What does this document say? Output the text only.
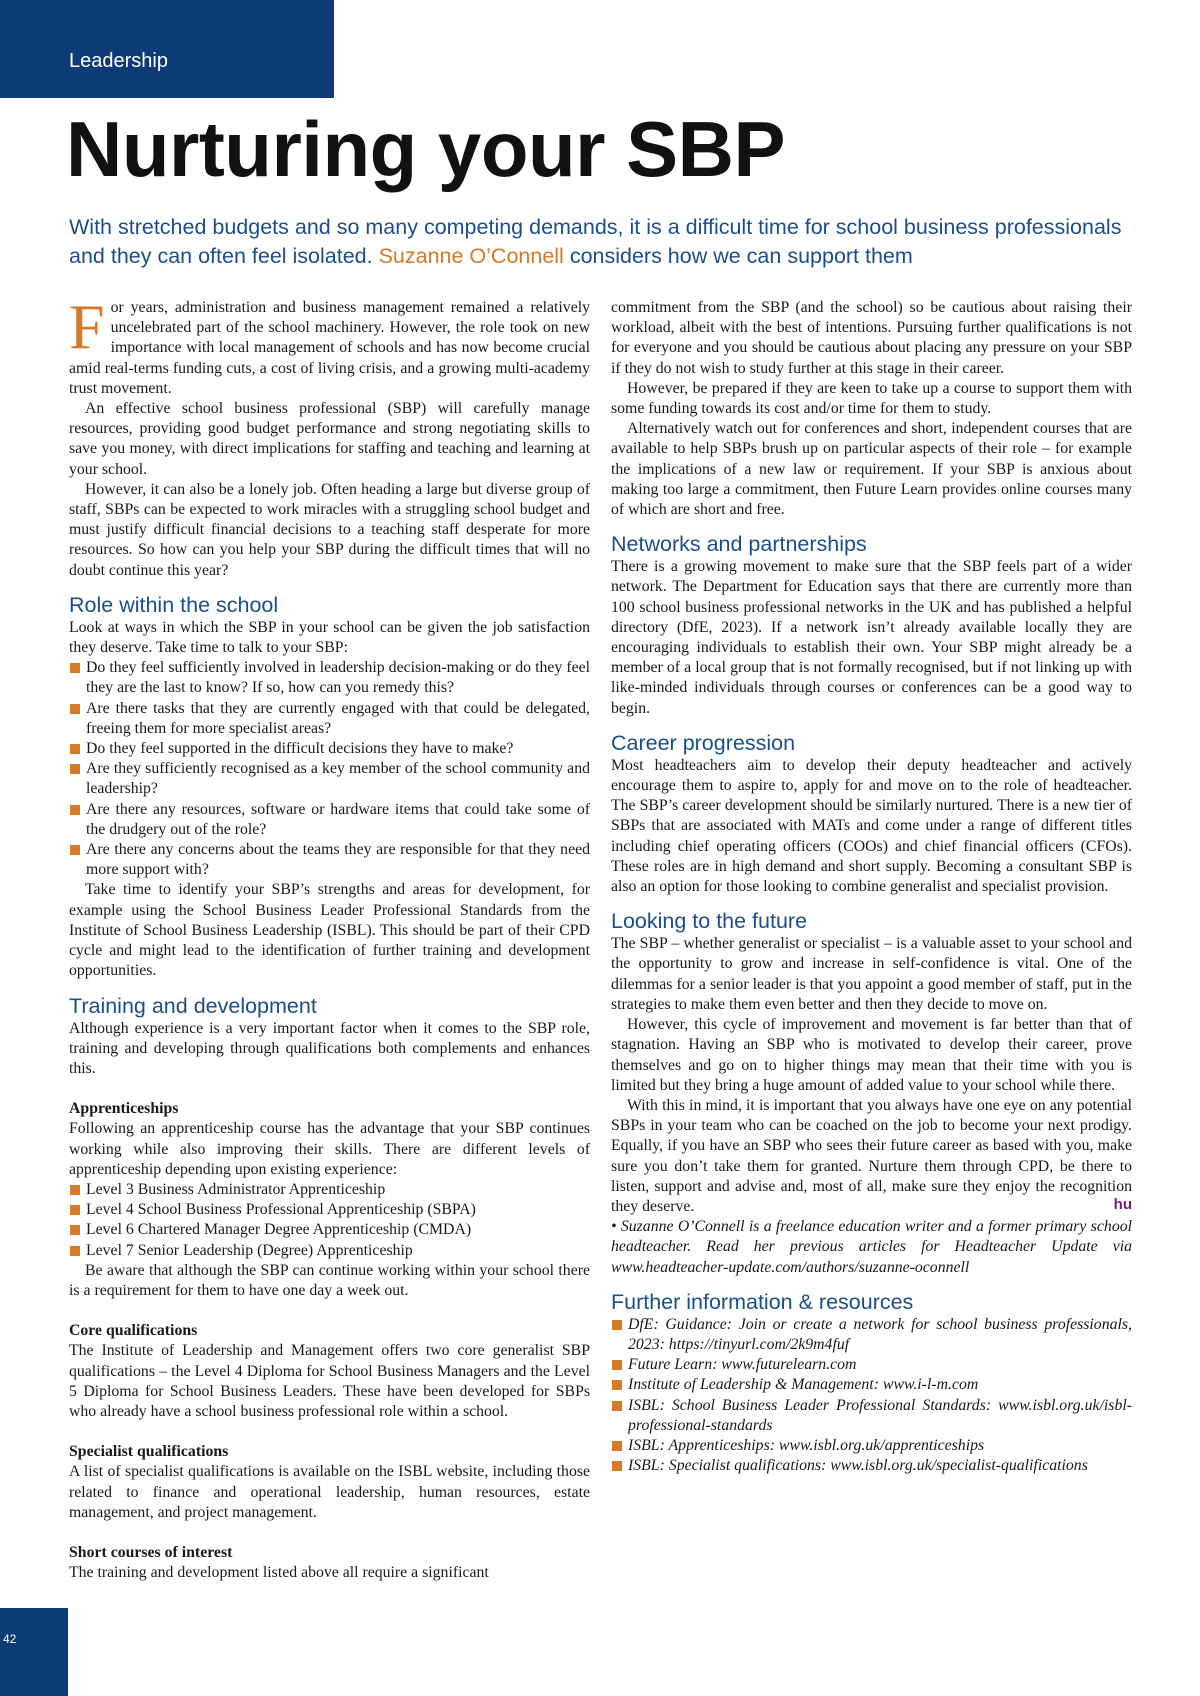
Leadership
Nurturing your SBP

With stretched budgets and so many competing demands, it is a difficult time for school business professionals and they can often feel isolated. Suzanne O’Connell considers how we can support them

For years, administration and business management remained a relatively uncelebrated part of the school machinery. However, the role took on new importance with local management of schools and has now become crucial amid real-terms funding cuts, a cost of living crisis, and a growing multi-academy trust movement.

An effective school business professional (SBP) will carefully manage resources, providing good budget performance and strong negotiating skills to save you money, with direct implications for staffing and teaching and learning at your school.

However, it can also be a lonely job. Often heading a large but diverse group of staff, SBPs can be expected to work miracles with a struggling school budget and must justify difficult financial decisions to a teaching staff desperate for more resources. So how can you help your SBP during the difficult times that will no doubt continue this year?

Role within the school

Look at ways in which the SBP in your school can be given the job satisfaction they deserve. Take time to talk to your SBP:

Do they feel sufficiently involved in leadership decision-making or do they feel they are the last to know? If so, how can you remedy this?
Are there tasks that they are currently engaged with that could be delegated, freeing them for more specialist areas?
Do they feel supported in the difficult decisions they have to make?
Are they sufficiently recognised as a key member of the school community and leadership?
Are there any resources, software or hardware items that could take some of the drudgery out of the role?
Are there any concerns about the teams they are responsible for that they need more support with?

Take time to identify your SBP’s strengths and areas for development, for example using the School Business Leader Professional Standards from the Institute of School Business Leadership (ISBL). This should be part of their CPD cycle and might lead to the identification of further training and development opportunities.

Training and development

Although experience is a very important factor when it comes to the SBP role, training and developing through qualifications both complements and enhances this.

Apprenticeships

Following an apprenticeship course has the advantage that your SBP continues working while also improving their skills. There are different levels of apprenticeship depending upon existing experience:

Level 3 Business Administrator Apprenticeship
Level 4 School Business Professional Apprenticeship (SBPA)
Level 6 Chartered Manager Degree Apprenticeship (CMDA)
Level 7 Senior Leadership (Degree) Apprenticeship

Be aware that although the SBP can continue working within your school there is a requirement for them to have one day a week out.

Core qualifications

The Institute of Leadership and Management offers two core generalist SBP qualifications – the Level 4 Diploma for School Business Managers and the Level 5 Diploma for School Business Leaders. These have been developed for SBPs who already have a school business professional role within a school.

Specialist qualifications

A list of specialist qualifications is available on the ISBL website, including those related to finance and operational leadership, human resources, estate management, and project management.

Short courses of interest

The training and development listed above all require a significant

commitment from the SBP (and the school) so be cautious about raising their workload, albeit with the best of intentions. Pursuing further qualifications is not for everyone and you should be cautious about placing any pressure on your SBP if they do not wish to study further at this stage in their career.

However, be prepared if they are keen to take up a course to support them with some funding towards its cost and/or time for them to study.

Alternatively watch out for conferences and short, independent courses that are available to help SBPs brush up on particular aspects of their role – for example the implications of a new law or requirement. If your SBP is anxious about making too large a commitment, then Future Learn provides online courses many of which are short and free.

Networks and partnerships

There is a growing movement to make sure that the SBP feels part of a wider network. The Department for Education says that there are currently more than 100 school business professional networks in the UK and has published a helpful directory (DfE, 2023). If a network isn’t already available locally they are encouraging individuals to establish their own. Your SBP might already be a member of a local group that is not formally recognised, but if not linking up with like-minded individuals through courses or conferences can be a good way to begin.

Career progression

Most headteachers aim to develop their deputy headteacher and actively encourage them to aspire to, apply for and move on to the role of headteacher. The SBP’s career development should be similarly nurtured. There is a new tier of SBPs that are associated with MATs and come under a range of different titles including chief operating officers (COOs) and chief financial officers (CFOs). These roles are in high demand and short supply. Becoming a consultant SBP is also an option for those looking to combine generalist and specialist provision.

Looking to the future

The SBP – whether generalist or specialist – is a valuable asset to your school and the opportunity to grow and increase in self-confidence is vital. One of the dilemmas for a senior leader is that you appoint a good member of staff, put in the strategies to make them even better and then they decide to move on.

However, this cycle of improvement and movement is far better than that of stagnation. Having an SBP who is motivated to develop their career, prove themselves and go on to higher things may mean that their time with you is limited but they bring a huge amount of added value to your school while there.

With this in mind, it is important that you always have one eye on any potential SBPs in your team who can be coached on the job to become your next prodigy. Equally, if you have an SBP who sees their future career as based with you, make sure you don’t take them for granted. Nurture them through CPD, be there to listen, support and advise and, most of all, make sure they enjoy the recognition they deserve.	hu

• Suzanne O’Connell is a freelance education writer and a former primary school headteacher. Read her previous articles for Headteacher Update via www.headteacher-update.com/authors/suzanne-oconnell

Further information & resources
DfE: Guidance: Join or create a network for school business professionals, 2023: https://tinyurl.com/2k9m4fuf
Future Learn: www.futurelearn.com
Institute of Leadership & Management: www.i-l-m.com
ISBL: School Business Leader Professional Standards: www.isbl.org.uk/isbl-professional-standards
ISBL: Apprenticeships: www.isbl.org.uk/apprenticeships
ISBL: Specialist qualifications: www.isbl.org.uk/specialist-qualifications
42
